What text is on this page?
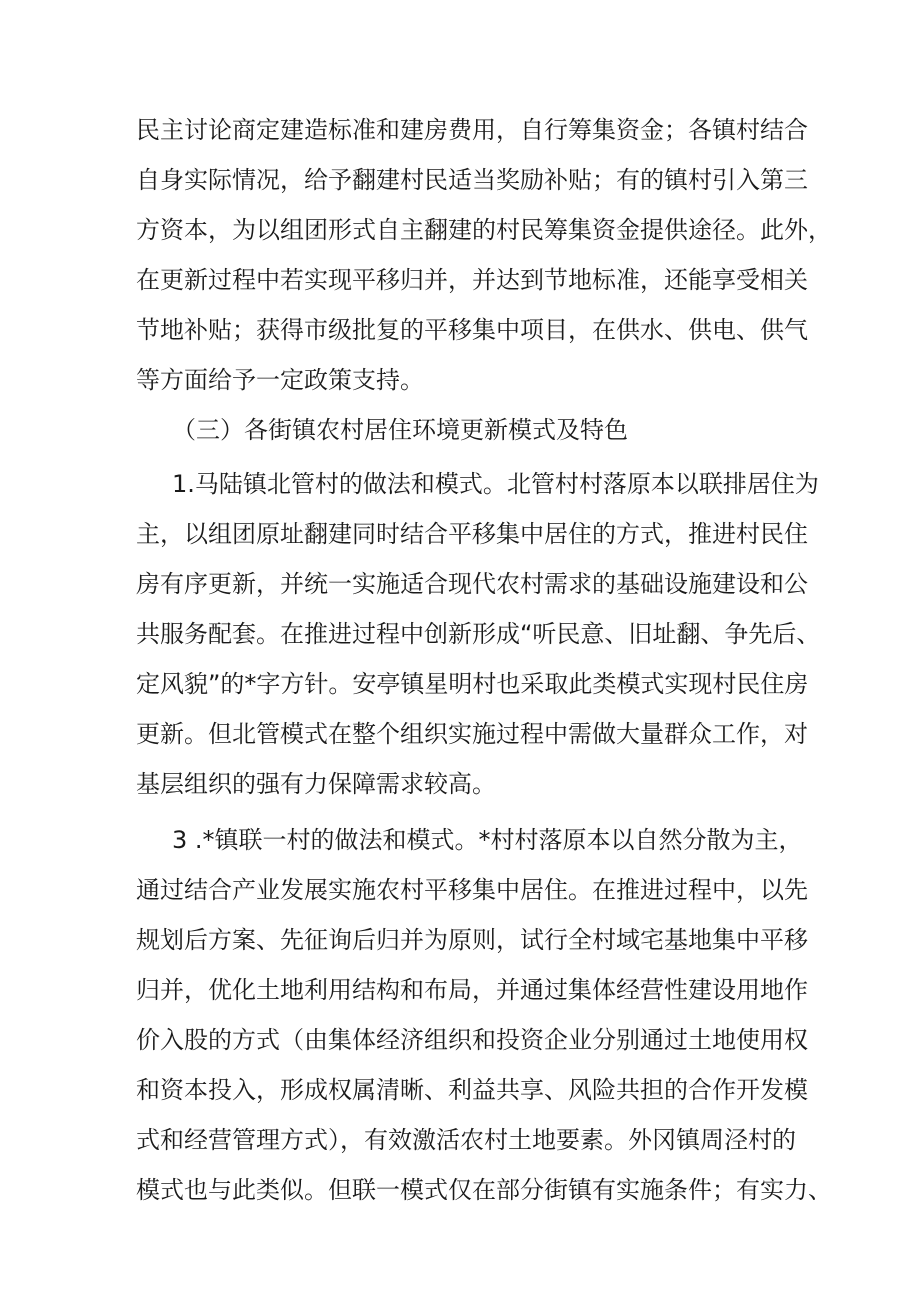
民主讨论商定建造标准和建房费用，自行筹集资金；各镇村结合
自身实际情况，给予翻建村民适当奖励补贴；有的镇村引入第三
方资本，为以组团形式自主翻建的村民筹集资金提供途径。此外，
在更新过程中若实现平移归并，并达到节地标准，还能享受相关
节地补贴；获得市级批复的平移集中项目，在供水、供电、供气
等方面给予一定政策支持。
（三）各街镇农村居住环境更新模式及特色
1.马陆镇北管村的做法和模式。北管村村落原本以联排居住为
主，以组团原址翻建同时结合平移集中居住的方式，推进村民住
房有序更新，并统一实施适合现代农村需求的基础设施建设和公
共服务配套。在推进过程中创新形成“听民意、旧址翻、争先后、
定风貌”的*字方针。安亭镇星明村也采取此类模式实现村民住房
更新。但北管模式在整个组织实施过程中需做大量群众工作，对
基层组织的强有力保障需求较高。
3 .*镇联一村的做法和模式。*村村落原本以自然分散为主，
通过结合产业发展实施农村平移集中居住。在推进过程中，以先
规划后方案、先征询后归并为原则，试行全村域宅基地集中平移
归并，优化土地利用结构和布局，并通过集体经营性建设用地作
价入股的方式（由集体经济组织和投资企业分别通过土地使用权
和资本投入，形成权属清晰、利益共享、风险共担的合作开发模
式和经营管理方式），有效激活农村土地要素。外冈镇周泾村的
模式也与此类似。但联一模式仅在部分街镇有实施条件；有实力、
